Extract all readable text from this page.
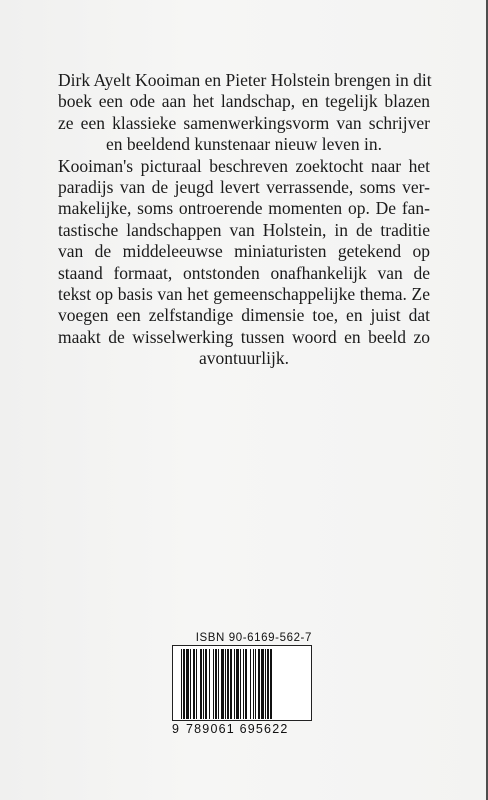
Dirk Ayelt Kooiman en Pieter Holstein brengen in dit
boek een ode aan het landschap, en tegelijk blazen
ze een klassieke samenwerkingsvorm van schrijver
en beeldend kunstenaar nieuw leven in.
Kooiman's picturaal beschreven zoektocht naar het
paradijs van de jeugd levert verrassende, soms ver-
makelijke, soms ontroerende momenten op. De fan-
tastische landschappen van Holstein, in de traditie
van de middeleeuwse miniaturisten getekend op
staand formaat, ontstonden onafhankelijk van de
tekst op basis van het gemeenschappelijke thema. Ze
voegen een zelfstandige dimensie toe, en juist dat
maakt de wisselwerking tussen woord en beeld zo
avontuurlijk.
ISBN 90-6169-562-7
9 789061 695622
